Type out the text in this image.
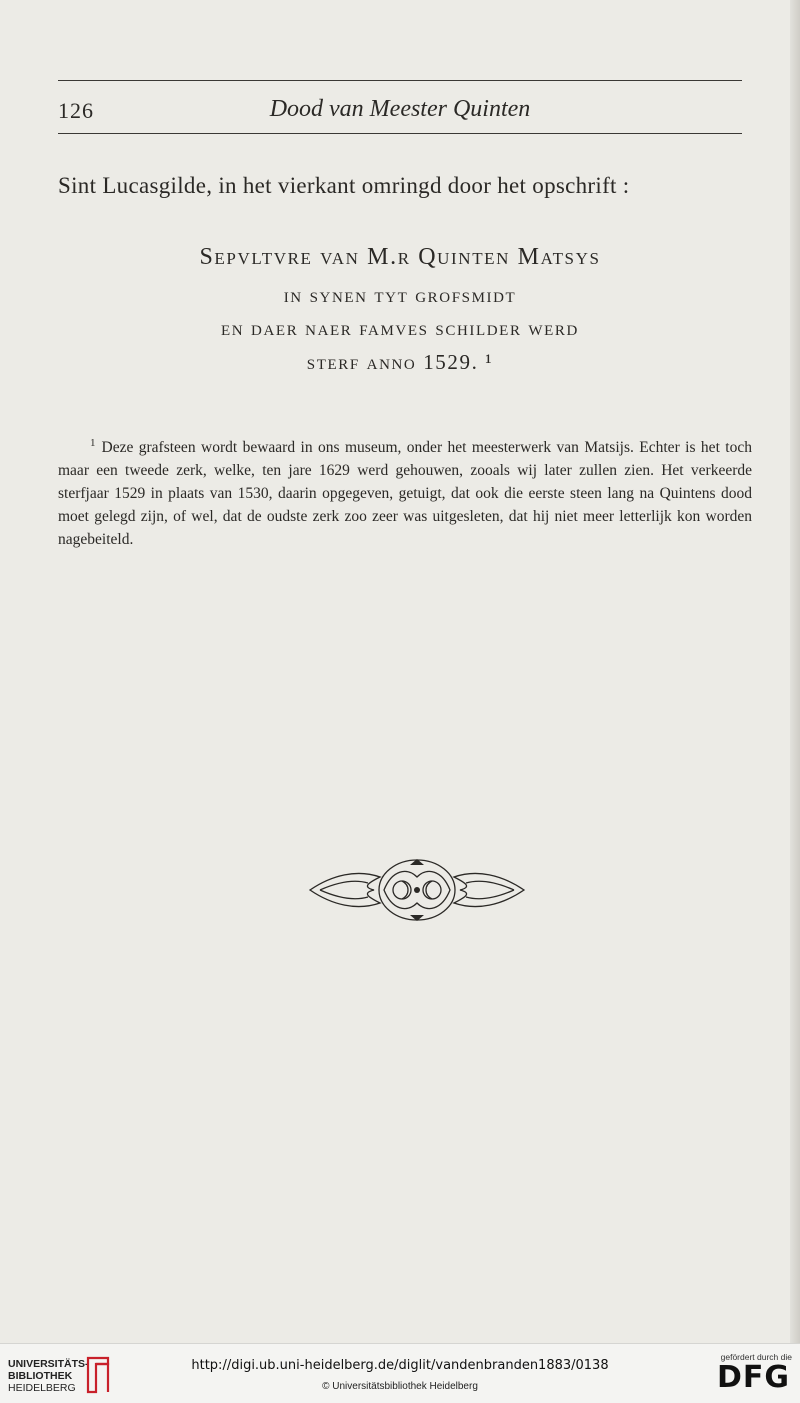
126	Dood van Meester Quinten
Sint Lucasgilde, in het vierkant omringd door het opschrift :
Sepvltvre van M.r Quinten Matsys
in synen tyt grofsmidt
en daer naer famves schilder werd
sterf anno 1529. ¹

$^1$ Deze grafsteen wordt bewaard in ons museum, onder het meesterwerk van Matsijs. Echter is het toch maar een tweede zerk, welke, ten jare 1629 werd gehouwen, zooals wij later zullen zien. Het verkeerde sterfjaar 1529 in plaats van 1530, daarin opgegeven, getuigt, dat ook die eerste steen lang na Quintens dood moet gelegd zijn, of wel, dat de oudste zerk zoo zeer was uitgesleten, dat hij niet meer letterlijk kon worden nagebeiteld.

UNIVERSITÄTS-
BIBLIOTHEK
HEIDELBERG
http://digi.ub.uni-heidelberg.de/diglit/vandenbranden1883/0138
© Universitätsbibliothek Heidelberg
gefördert durch die
DFG
